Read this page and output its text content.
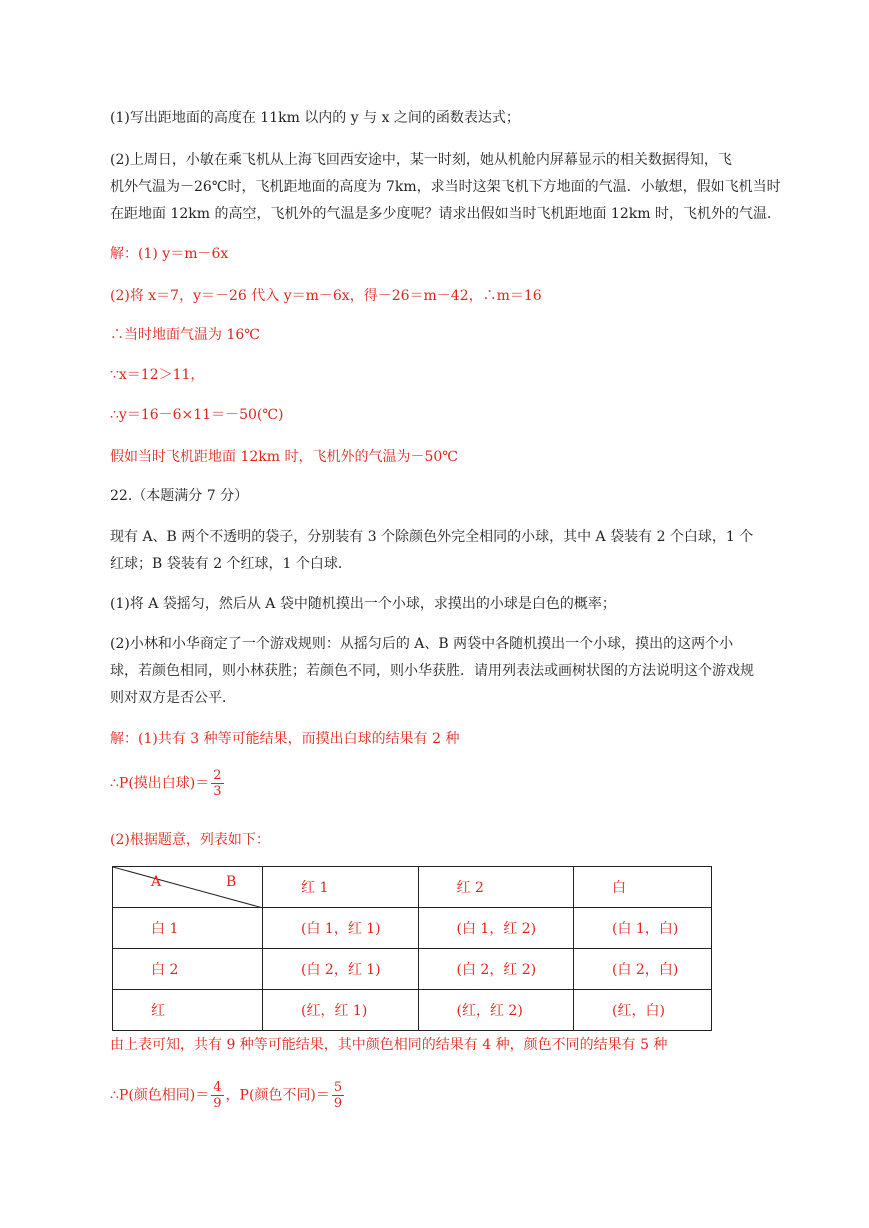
(1)写出距地面的高度在 11km 以内的 y 与 x 之间的函数表达式；

(2)上周日，小敏在乘飞机从上海飞回西安途中，某一时刻，她从机舱内屏幕显示的相关数据得知，飞

机外气温为－26℃时，飞机距地面的高度为 7km，求当时这架飞机下方地面的气温．小敏想，假如飞机当时

在距地面 12km 的高空，飞机外的气温是多少度呢？请求出假如当时飞机距地面 12km 时，飞机外的气温．

解：(1) y＝m－6x

(2)将 x＝7，y＝－26 代入 y＝m－6x，得－26＝m－42，∴m＝16

∴当时地面气温为 16℃

∵x＝12＞11，

∴y＝16－6×11＝－50(℃)

假如当时飞机距地面 12km 时，飞机外的气温为－50℃

22.（本题满分 7 分）

现有 A、B 两个不透明的袋子，分别装有 3 个除颜色外完全相同的小球，其中 A 袋装有 2 个白球，1 个

红球；B 袋装有 2 个红球，1 个白球．

(1)将 A 袋摇匀，然后从 A 袋中随机摸出一个小球，求摸出的小球是白色的概率；

(2)小林和小华商定了一个游戏规则：从摇匀后的 A、B 两袋中各随机摸出一个小球，摸出的这两个小

球，若颜色相同，则小林获胜；若颜色不同，则小华获胜．请用列表法或画树状图的方法说明这个游戏规

则对双方是否公平．

解：(1)共有 3 种等可能结果，而摸出白球的结果有 2 种

∴P(摸出白球)＝ $\frac{2}{3}$

(2)根据题意，列表如下：

A B	红 1	红 2	白
白 1	(白 1，红 1)	(白 1，红 2)	(白 1，白)
白 2	(白 2，红 1)	(白 2，红 2)	(白 2，白)
红	(红，红 1)	(红，红 2)	(红，白)

由上表可知，共有 9 种等可能结果，其中颜色相同的结果有 4 种，颜色不同的结果有 5 种

∴P(颜色相同)＝ $\frac{4}{9}$ ，P(颜色不同)＝ $\frac{5}{9}$
